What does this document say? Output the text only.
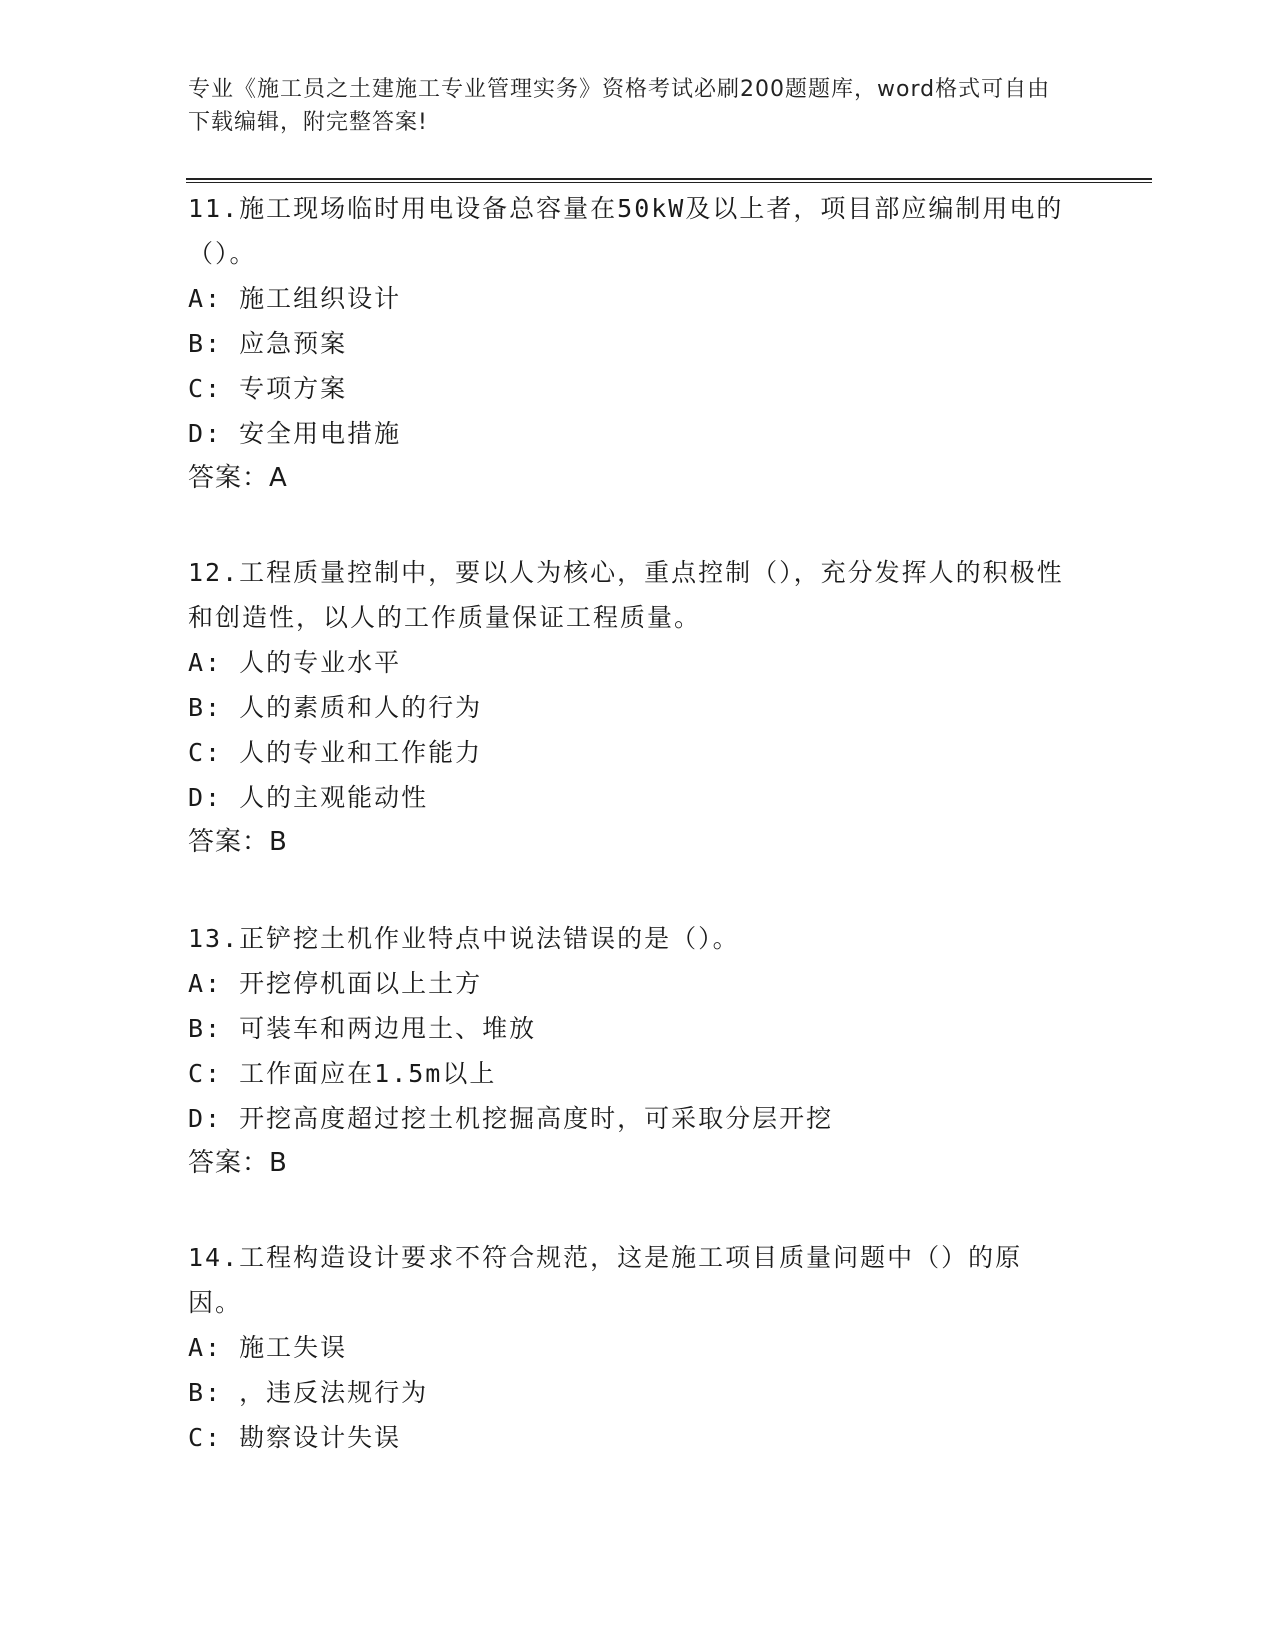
专业《施工员之土建施工专业管理实务》资格考试必刷200题题库，word格式可自由下载编辑，附完整答案!

11.施工现场临时用电设备总容量在50kW及以上者，项目部应编制用电的（）。

A: 施工组织设计

B: 应急预案

C: 专项方案

D: 安全用电措施

答案：A

12.工程质量控制中，要以人为核心，重点控制（），充分发挥人的积极性和创造性，以人的工作质量保证工程质量。

A: 人的专业水平

B: 人的素质和人的行为

C: 人的专业和工作能力

D: 人的主观能动性

答案：B

13.正铲挖土机作业特点中说法错误的是（）。

A: 开挖停机面以上土方

B: 可装车和两边甩土、堆放

C: 工作面应在1.5m以上

D: 开挖高度超过挖土机挖掘高度时，可采取分层开挖

答案：B

14.工程构造设计要求不符合规范，这是施工项目质量问题中（）的原因。

A: 施工失误

B: ，违反法规行为

C: 勘察设计失误
